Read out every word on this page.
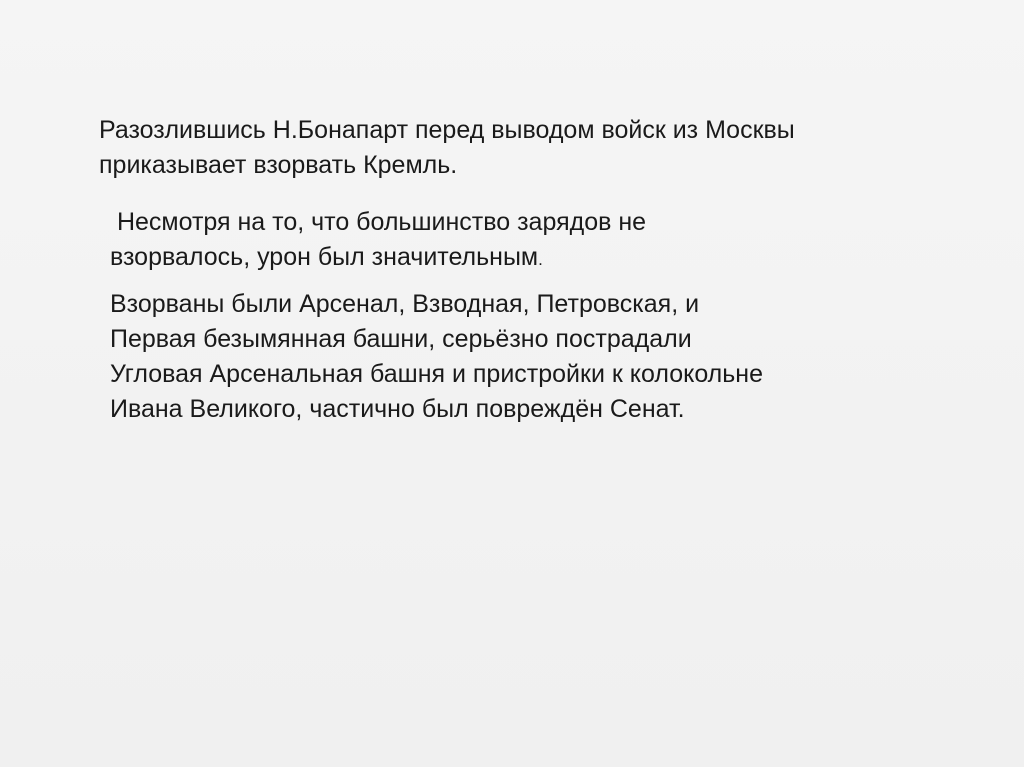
Разозлившись Н.Бонапарт перед выводом войск из Москвы
приказывает взорвать Кремль.

Несмотря на то, что большинство зарядов не
взорвалось, урон был значительным.

Взорваны были Арсенал, Взводная, Петровская, и
Первая безымянная башни, серьёзно пострадали
Угловая Арсенальная башня и пристройки к колокольне
Ивана Великого, частично был повреждён Сенат.
